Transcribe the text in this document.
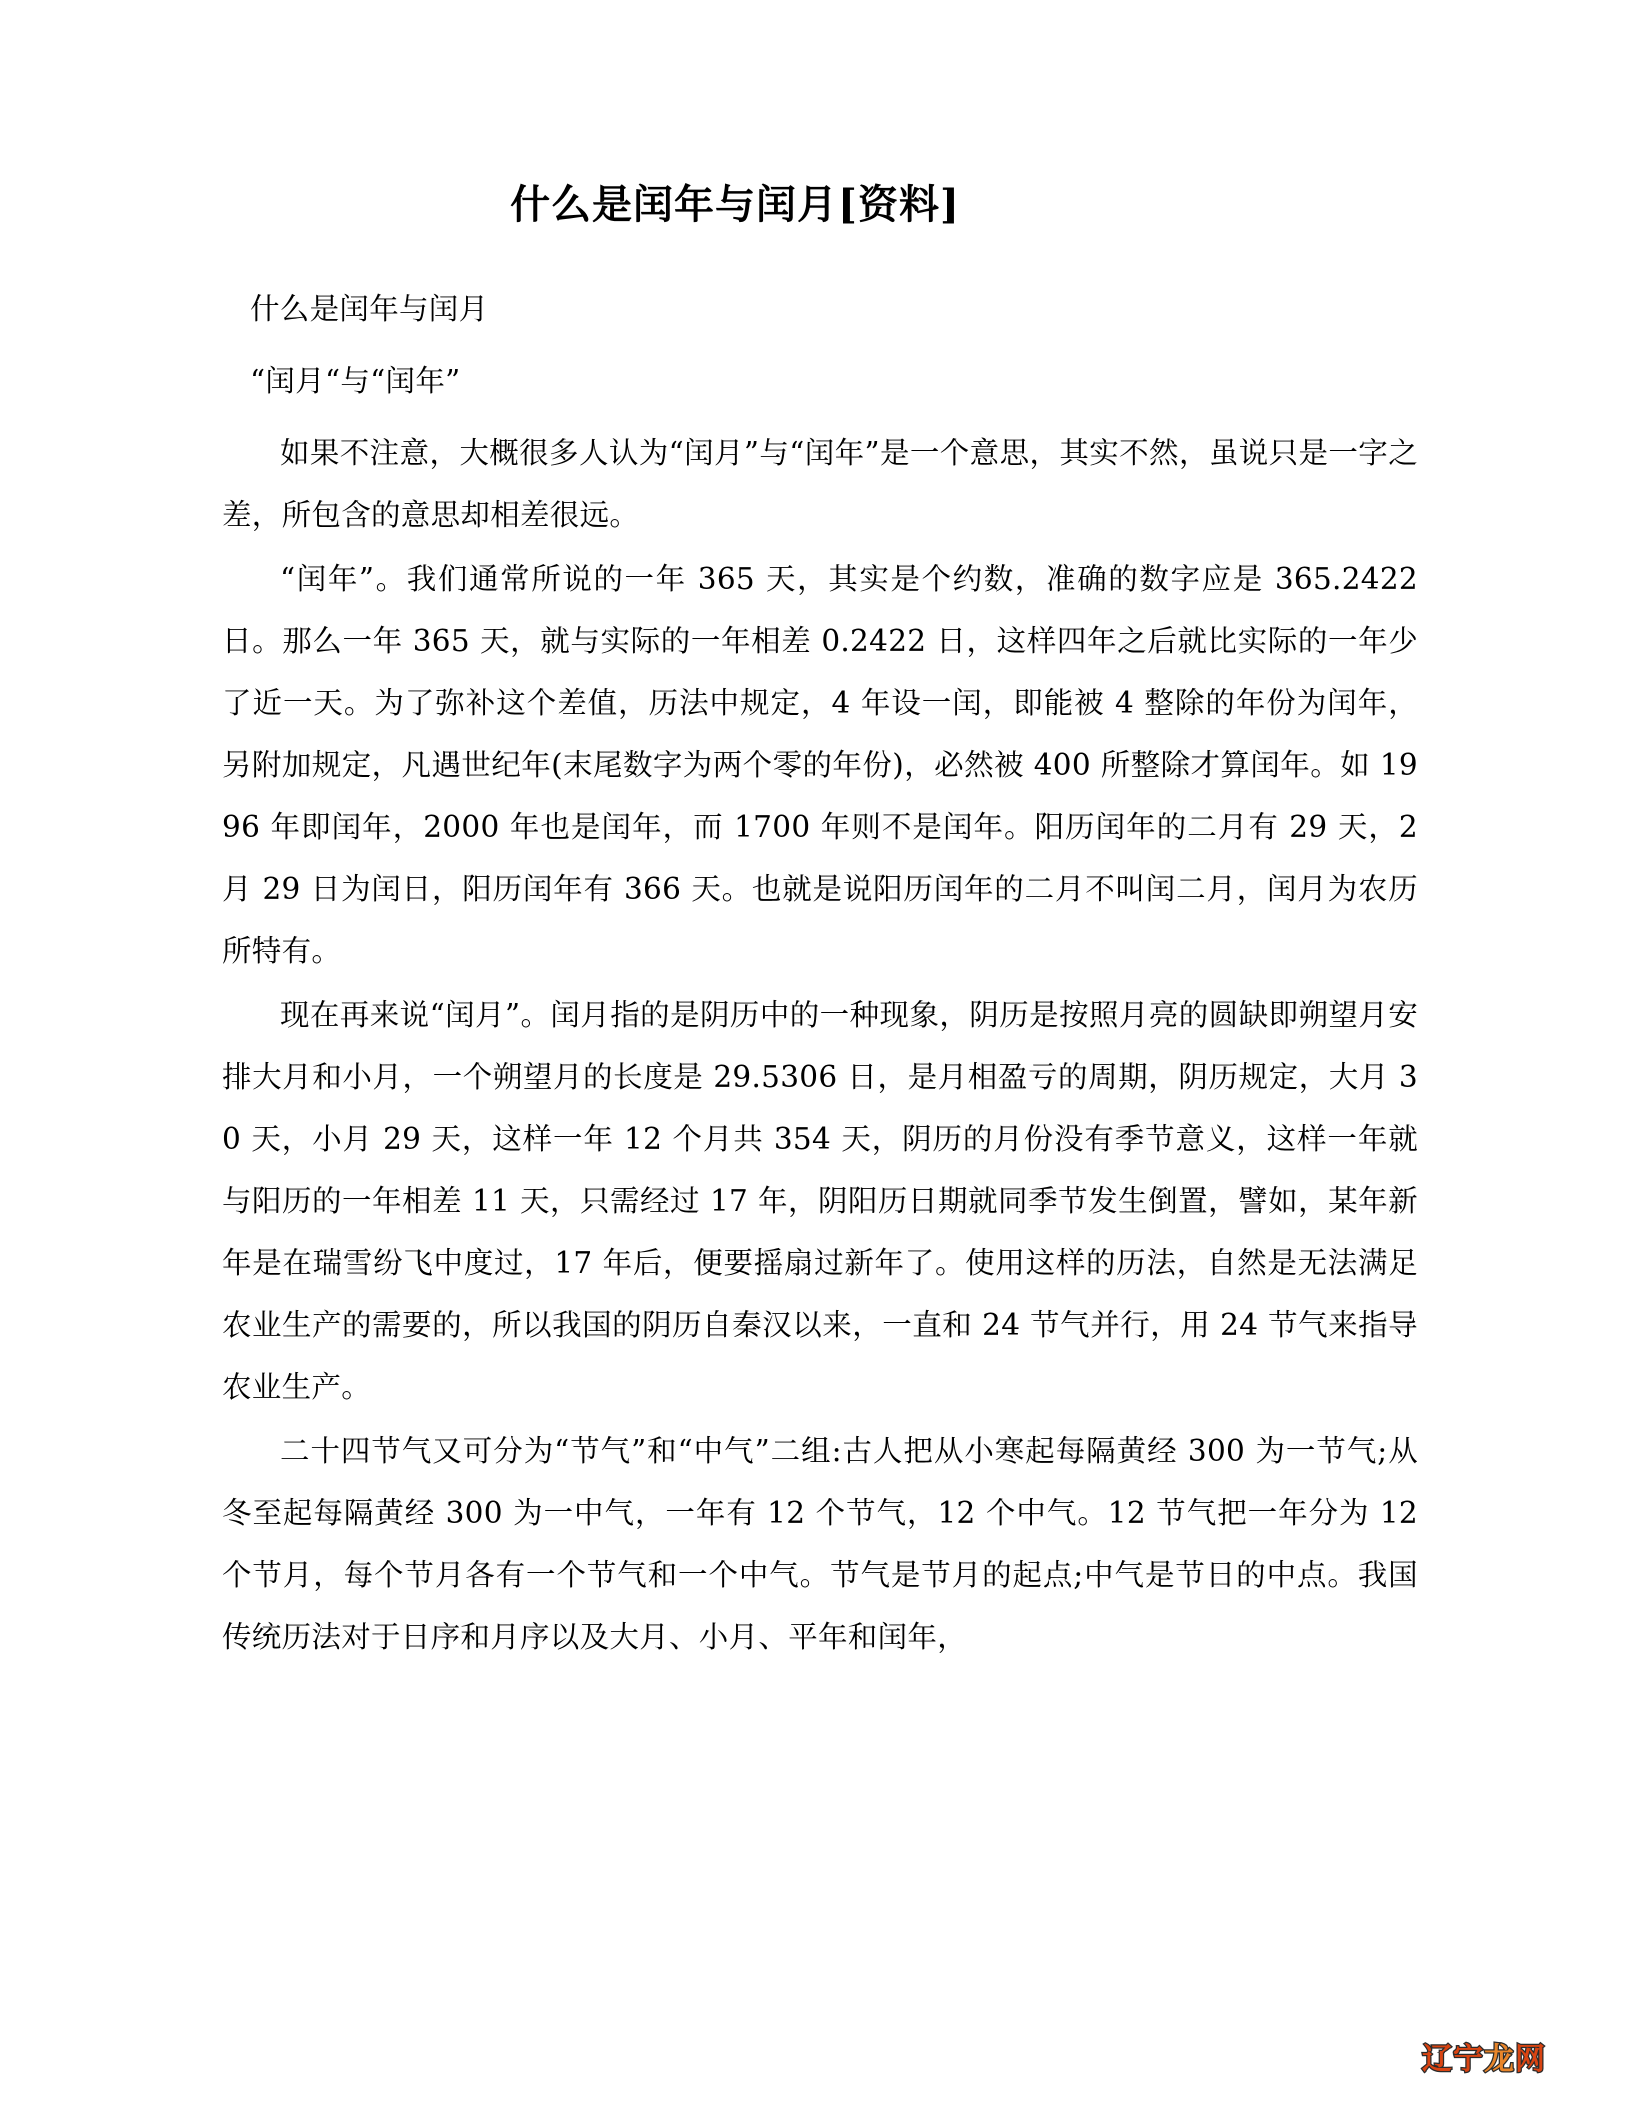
什么是闰年与闰月[资料]

什么是闰年与闰月

“闰月“与“闰年”

如果不注意，大概很多人认为“闰月”与“闰年”是一个意思，其实不然，虽说只是一字之差，所包含的意思却相差很远。

“闰年”。我们通常所说的一年 365 天，其实是个约数，准确的数字应是 365.2422 日。那么一年 365 天，就与实际的一年相差 0.2422 日，这样四年之后就比实际的一年少了近一天。为了弥补这个差值，历法中规定，4 年设一闰，即能被 4 整除的年份为闰年，另附加规定，凡遇世纪年(末尾数字为两个零的年份)，必然被 400 所整除才算闰年。如 1996 年即闰年，2000 年也是闰年，而 1700 年则不是闰年。阳历闰年的二月有 29 天，2 月 29 日为闰日，阳历闰年有 366 天。也就是说阳历闰年的二月不叫闰二月，闰月为农历所特有。

现在再来说“闰月”。闰月指的是阴历中的一种现象，阴历是按照月亮的圆缺即朔望月安排大月和小月，一个朔望月的长度是 29.5306 日，是月相盈亏的周期，阴历规定，大月 30 天，小月 29 天，这样一年 12 个月共 354 天，阴历的月份没有季节意义，这样一年就与阳历的一年相差 11 天，只需经过 17 年，阴阳历日期就同季节发生倒置，譬如，某年新年是在瑞雪纷飞中度过，17 年后，便要摇扇过新年了。使用这样的历法，自然是无法满足农业生产的需要的，所以我国的阴历自秦汉以来，一直和 24 节气并行，用 24 节气来指导农业生产。

二十四节气又可分为“节气”和“中气”二组:古人把从小寒起每隔黄经 300 为一节气;从冬至起每隔黄经 300 为一中气，一年有 12 个节气，12 个中气。12 节气把一年分为 12 个节月，每个节月各有一个节气和一个中气。节气是节月的起点;中气是节日的中点。我国传统历法对于日序和月序以及大月、小月、平年和闰年，

辽宁龙网
